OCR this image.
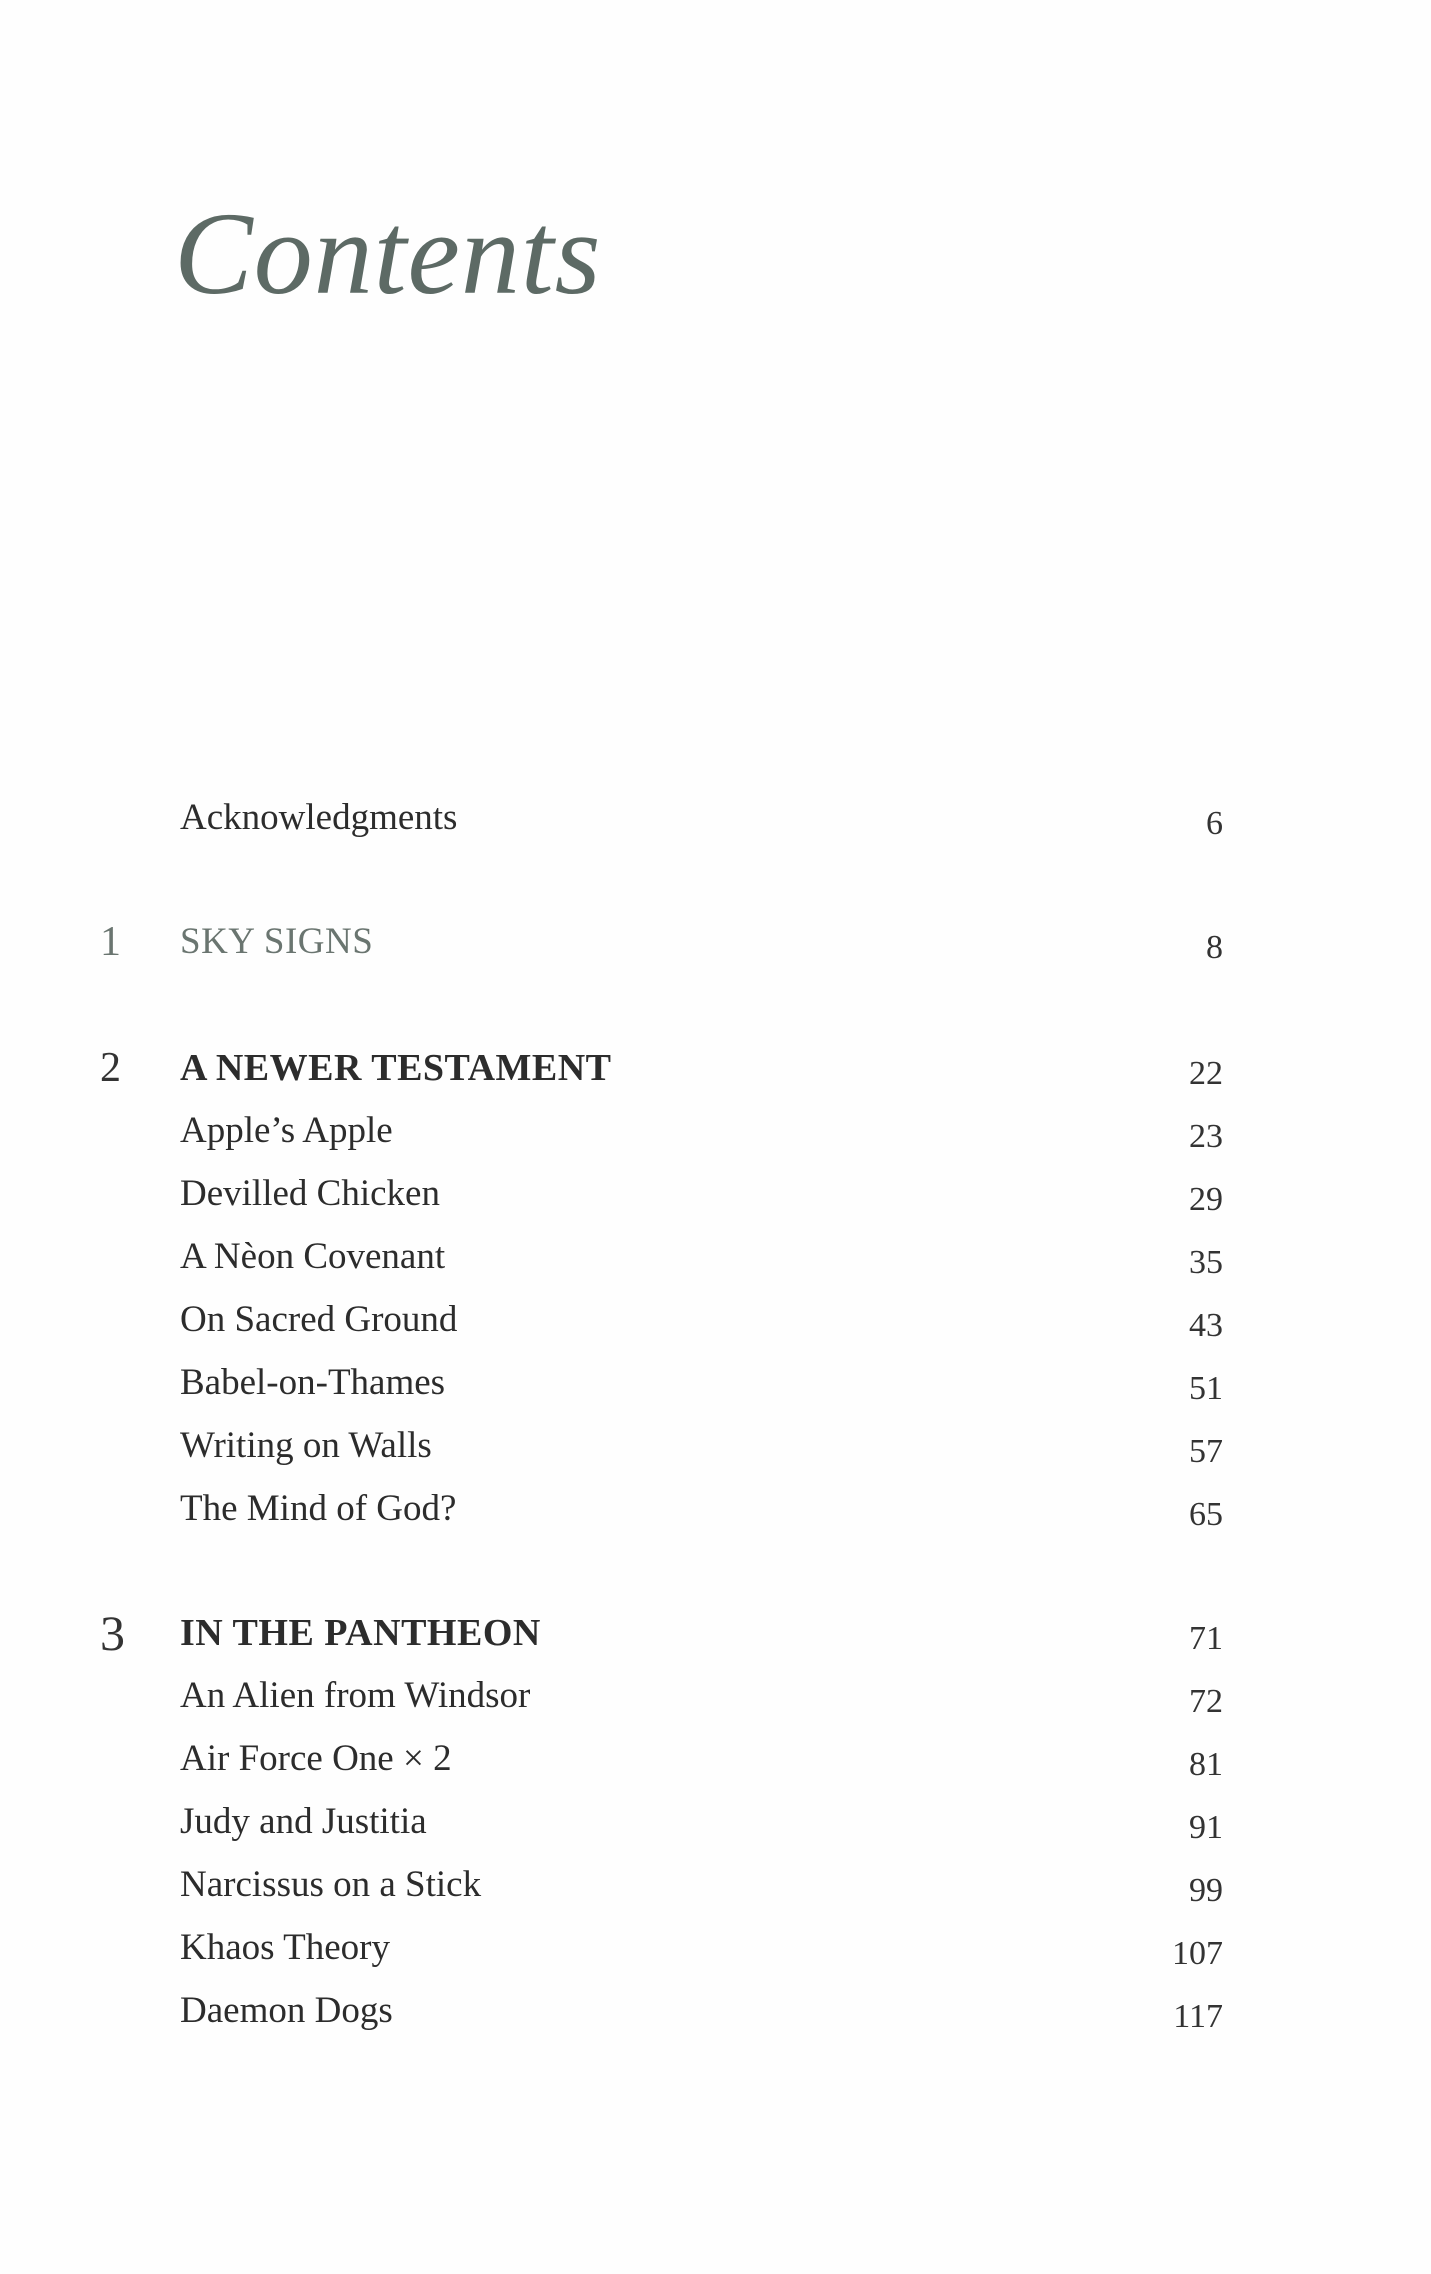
Contents
Acknowledgments	6
1 SKY SIGNS	8
2 A NEWER TESTAMENT	22
Apple’s Apple	23
Devilled Chicken	29
A Nèon Covenant	35
On Sacred Ground	43
Babel-on-Thames	51
Writing on Walls	57
The Mind of God?	65
3 IN THE PANTHEON	71
An Alien from Windsor	72
Air Force One × 2	81
Judy and Justitia	91
Narcissus on a Stick	99
Khaos Theory	107
Daemon Dogs	117
